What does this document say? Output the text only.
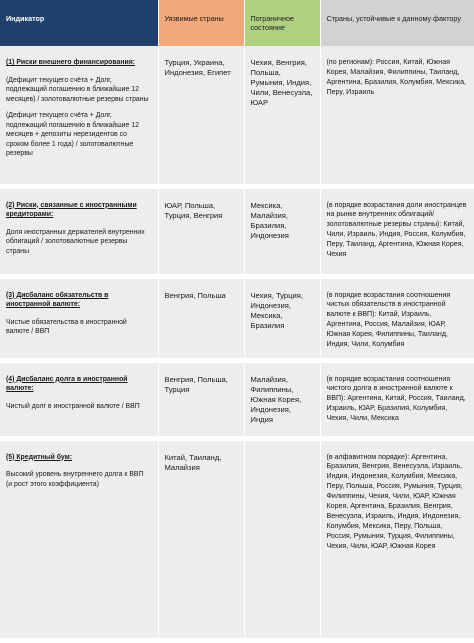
Индикатор	Уязвимые страны	Пограничное состояние	Страны, устойчивые к данному фактору

(1) Риски внешнего финансирования:
(Дефицит текущего счёта + Долг, подлежащий погашению в ближайшие 12 месяцев) / золотовалютные резервы страны
(Дефицит текущего счёта + Долг, подлежащий погашению в ближайшие 12 месяцев + депозиты нерезидентов со сроком более 1 года) / золотовалютные резервы	Турция, Украина, Индонезия, Египет	Чехия, Венгрия, Польша, Румыния, Индия, Чили, Венесуэла, ЮАР	(по регионам): Россия, Китай, Южная Корея, Малайзия, Филиппины, Таиланд, Аргентина, Бразилия, Колумбия, Мексика, Перу, Израиль

(2) Риски, связанные с иностранными кредиторами:
Доля иностранных держателей внутренних облигаций / золотовалютные резервы страны	ЮАР, Польша, Турция, Венгрия	Мексика, Малайзия, Бразилия, Индонезия	(в порядке возрастания доли иностранцев на рынке внутренних облигаций/золотовалютные резервы страны): Китай, Чили, Израиль, Индия, Россия, Колумбия, Перу, Таиланд, Аргентина, Южная Корея, Чехия

(3) Дисбаланс обязательств в иностранной валюте:
Чистые обязательства в иностранной валюте / ВВП	Венгрия, Польша	Чехия, Турция, Индонезия, Мексика, Бразилия	(в порядке возрастания соотношения чистых обязательств в иностранной валюте к ВВП): Китай, Израиль, Аргентина, Россия, Малайзия, ЮАР, Южная Корея, Филиппины, Таиланд, Индия, Чили, Колумбия

(4) Дисбаланс долга в иностранной валюте:
Чистый долг в иностранной валюте / ВВП	Венгрия, Польша, Турция	Малайзия, Филиппины, Южная Корея, Индонезия, Индия	(в порядке возрастания соотношения чистого долга в иностранной валюте к ВВП): Аргентина, Китай, Россия, Таиланд, Израиль, ЮАР, Бразилия, Колумбия, Чехия, Чили, Мексика

(5) Кредитный бум:
Высокий уровень внутреннего долга к ВВП (и рост этого коэффициента)	Китай, Таиланд, Малайзия		(в алфавитном порядке): Аргентина, Бразилия, Венгрия, Венесуэла, Израиль, Индия, Индонезия, Колумбия, Мексика, Перу, Польша, Россия, Румыния, Турция, Филиппины, Чехия, Чили, ЮАР, Южная Корея, Аргентина, Бразилия, Венгрия, Венесуэла, Израиль, Индия, Индонезия, Колумбия, Мексика, Перу, Польша, Россия, Румыния, Турция, Филиппины, Чехия, Чили, ЮАР, Южная Корея
